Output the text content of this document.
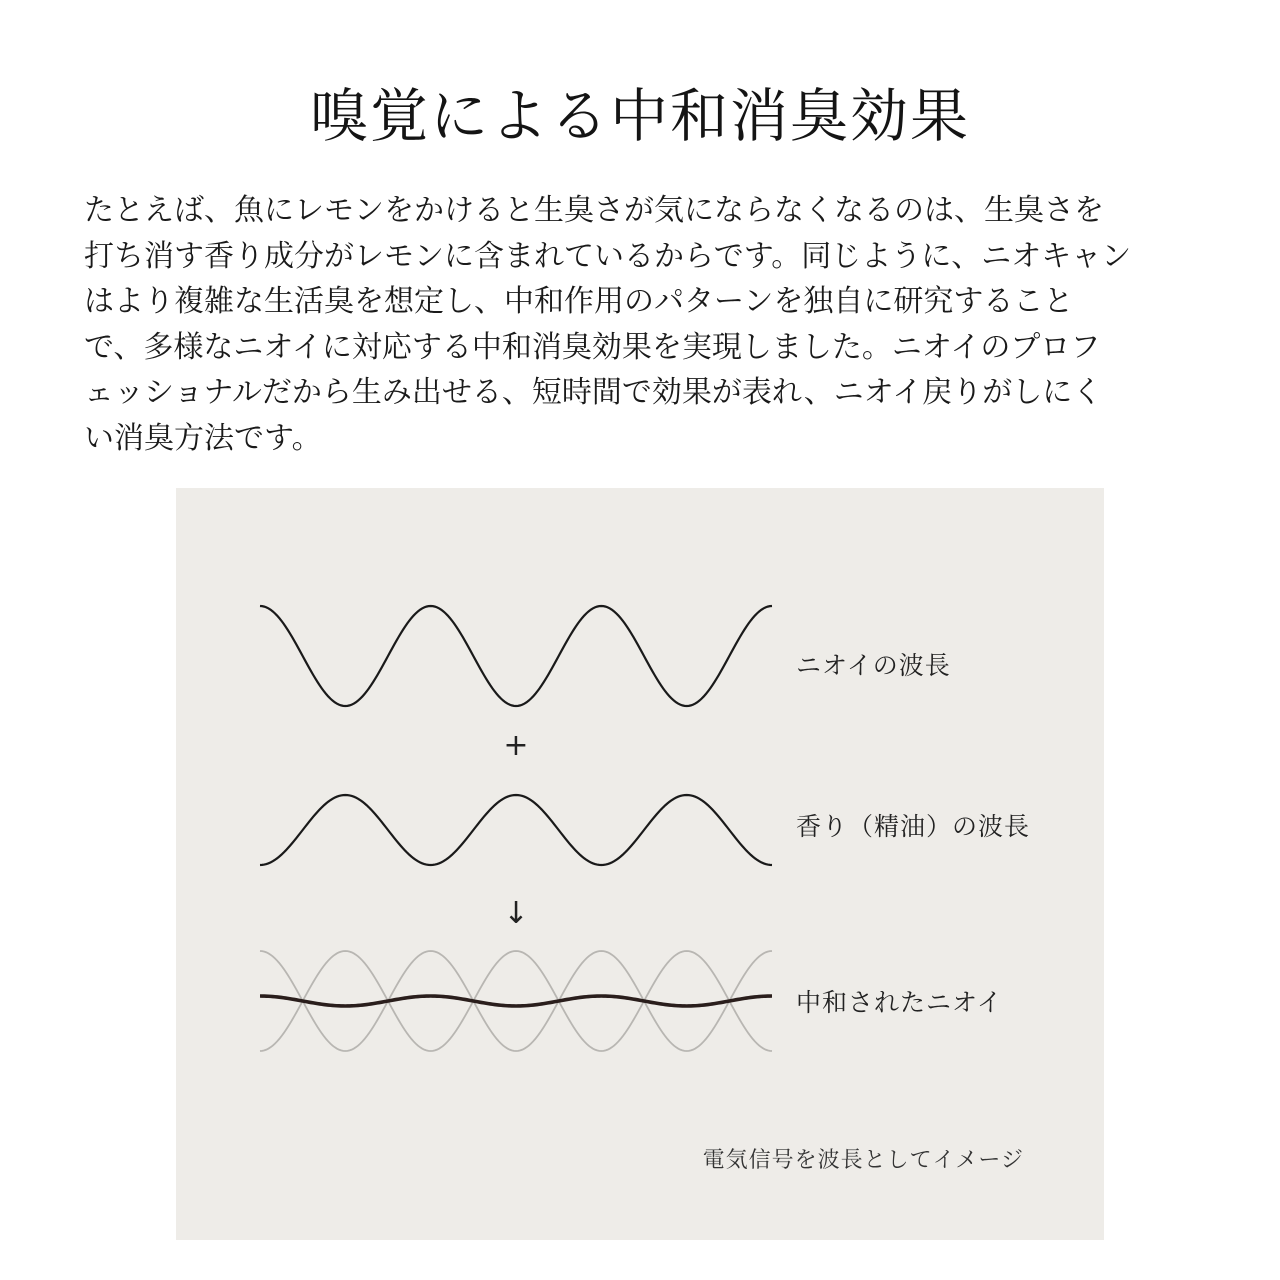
嗅覚による中和消臭効果
たとえば、魚にレモンをかけると生臭さが気にならなくなるのは、生臭さを
打ち消す香り成分がレモンに含まれているからです。同じように、ニオキャン
はより複雑な生活臭を想定し、中和作用のパターンを独自に研究すること
で、多様なニオイに対応する中和消臭効果を実現しました。ニオイのプロフ
ェッショナルだから生み出せる、短時間で効果が表れ、ニオイ戻りがしにく
い消臭方法です。
ニオイの波長
+
香り（精油）の波長
↓
中和されたニオイ
電気信号を波長としてイメージ
